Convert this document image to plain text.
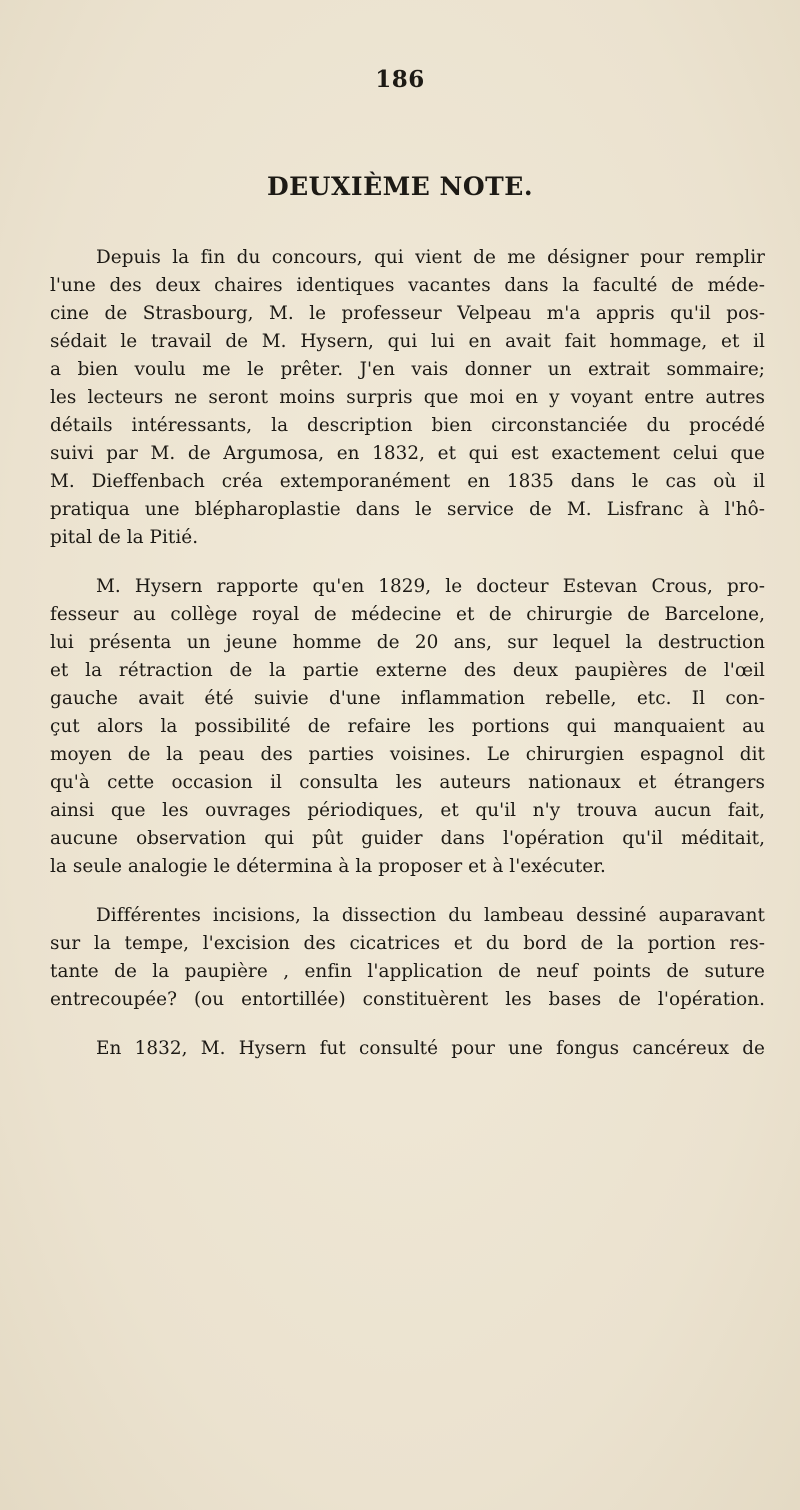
186
DEUXIÈME NOTE.
Depuis la fin du concours, qui vient de me désigner pour remplir
l'une des deux chaires identiques vacantes dans la faculté de méde-
cine de Strasbourg, M. le professeur Velpeau m'a appris qu'il pos-
sédait le travail de M. Hysern, qui lui en avait fait hommage, et il
a bien voulu me le prêter. J'en vais donner un extrait sommaire;
les lecteurs ne seront moins surpris que moi en y voyant entre autres
détails intéressants, la description bien circonstanciée du procédé
suivi par M. de Argumosa, en 1832, et qui est exactement celui que
M. Dieffenbach créa extemporanément en 1835 dans le cas où il
pratiqua une blépharoplastie dans le service de M. Lisfranc à l'hô-
pital de la Pitié.
M. Hysern rapporte qu'en 1829, le docteur Estevan Crous, pro-
fesseur au collège royal de médecine et de chirurgie de Barcelone,
lui présenta un jeune homme de 20 ans, sur lequel la destruction
et la rétraction de la partie externe des deux paupières de l'œil
gauche avait été suivie d'une inflammation rebelle, etc. Il con-
çut alors la possibilité de refaire les portions qui manquaient au
moyen de la peau des parties voisines. Le chirurgien espagnol dit
qu'à cette occasion il consulta les auteurs nationaux et étrangers
ainsi que les ouvrages périodiques, et qu'il n'y trouva aucun fait,
aucune observation qui pût guider dans l'opération qu'il méditait,
la seule analogie le détermina à la proposer et à l'exécuter.
Différentes incisions, la dissection du lambeau dessiné auparavant
sur la tempe, l'excision des cicatrices et du bord de la portion res-
tante de la paupière , enfin l'application de neuf points de suture
entrecoupée? (ou entortillée) constituèrent les bases de l'opération.
En 1832, M. Hysern fut consulté pour une fongus cancéreux de
